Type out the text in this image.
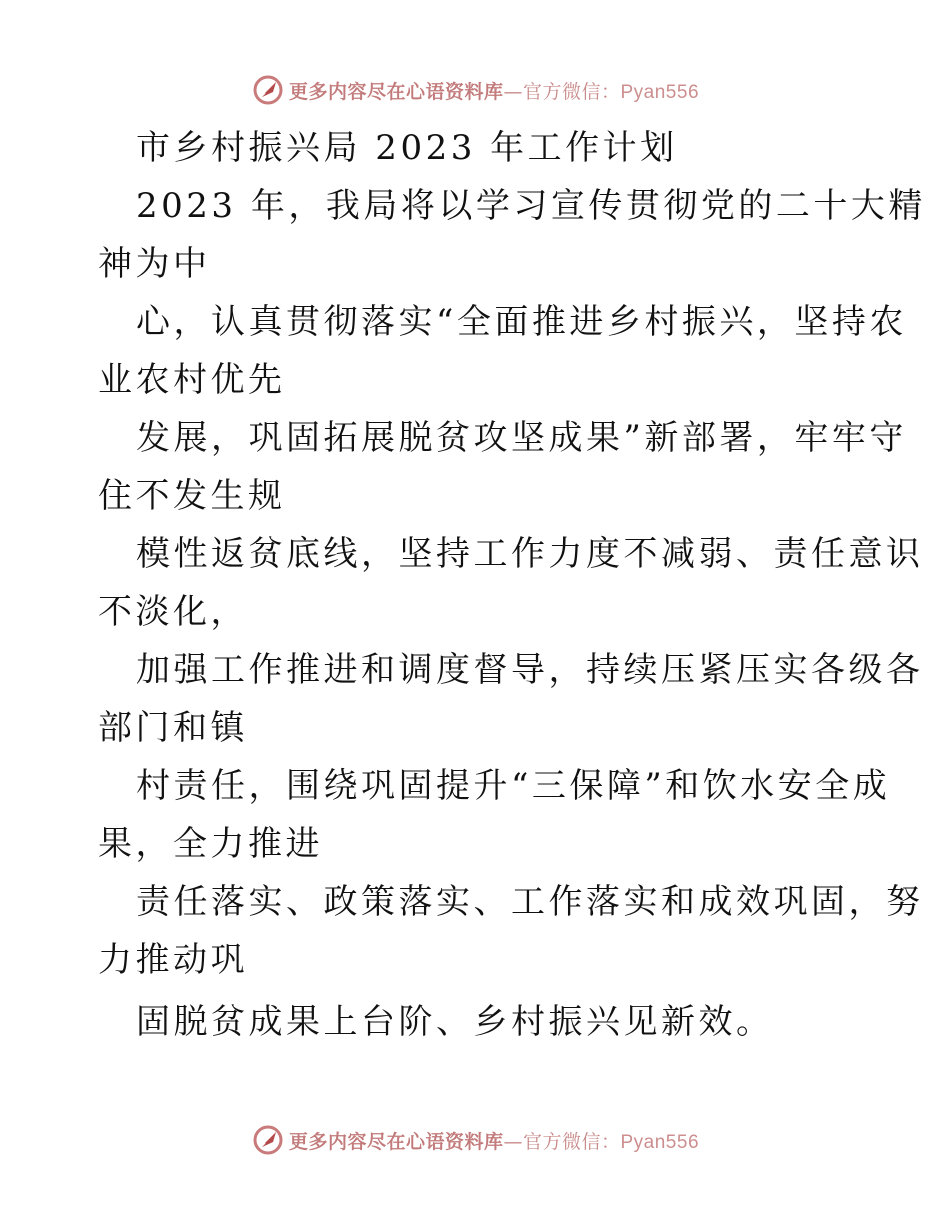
更多内容尽在心语资料库—官方微信：Pyan556
市乡村振兴局 2023 年工作计划
2023 年，我局将以学习宣传贯彻党的二十大精
神为中
心，认真贯彻落实“全面推进乡村振兴，坚持农
业农村优先
发展，巩固拓展脱贫攻坚成果”新部署，牢牢守
住不发生规
模性返贫底线，坚持工作力度不减弱、责任意识
不淡化，
加强工作推进和调度督导，持续压紧压实各级各
部门和镇
村责任，围绕巩固提升“三保障”和饮水安全成
果，全力推进
责任落实、政策落实、工作落实和成效巩固，努
力推动巩
固脱贫成果上台阶、乡村振兴见新效。
更多内容尽在心语资料库—官方微信：Pyan556
